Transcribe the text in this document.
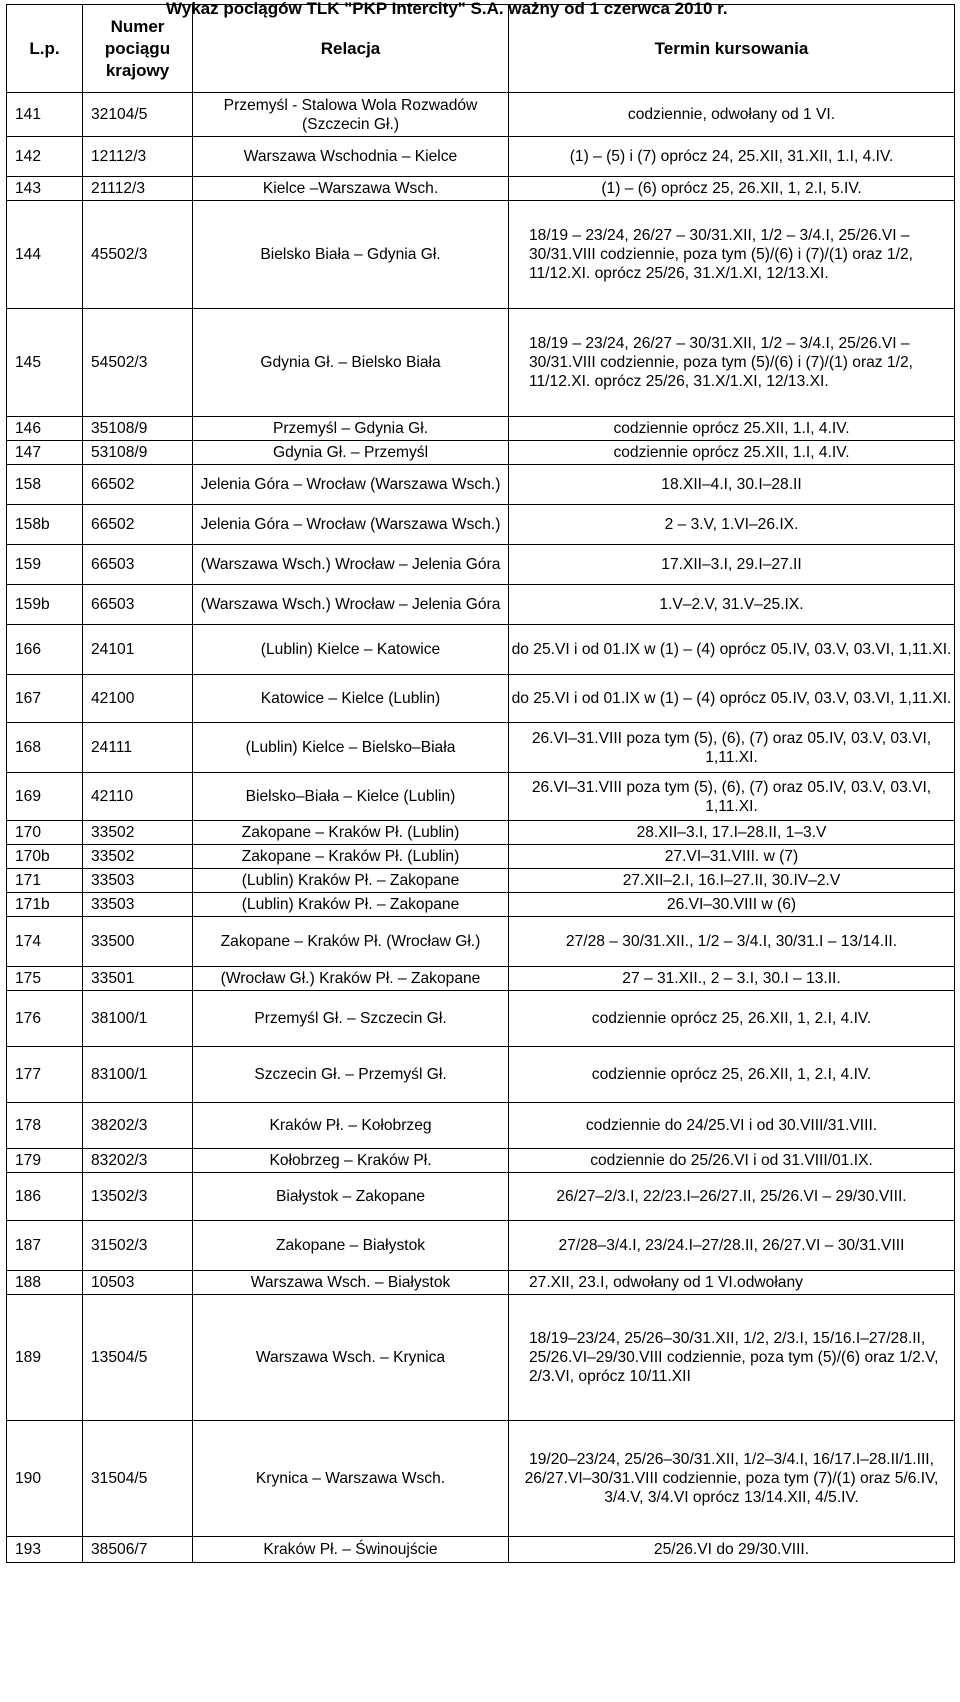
Wykaz pociągów TLK "PKP Intercity" S.A. ważny od 1 czerwca 2010 r.
L.p.	Numer pociągu krajowy	Relacja	Termin kursowania
141	32104/5	Przemyśl - Stalowa Wola Rozwadów (Szczecin Gł.)	codziennie, odwołany od 1 VI.
142	12112/3	Warszawa Wschodnia – Kielce	(1) – (5) i (7) oprócz 24, 25.XII, 31.XII, 1.I, 4.IV.
143	21112/3	Kielce –Warszawa Wsch.	(1) – (6) oprócz 25, 26.XII, 1, 2.I, 5.IV.
144	45502/3	Bielsko Biała – Gdynia Gł.	18/19 – 23/24, 26/27 – 30/31.XII, 1/2 – 3/4.I, 25/26.VI – 30/31.VIII codziennie, poza tym (5)/(6) i (7)/(1) oraz 1/2, 11/12.XI. oprócz 25/26, 31.X/1.XI, 12/13.XI.
145	54502/3	Gdynia Gł. – Bielsko Biała	18/19 – 23/24, 26/27 – 30/31.XII, 1/2 – 3/4.I, 25/26.VI – 30/31.VIII codziennie, poza tym (5)/(6) i (7)/(1) oraz 1/2, 11/12.XI. oprócz 25/26, 31.X/1.XI, 12/13.XI.
146	35108/9	Przemyśl – Gdynia Gł.	codziennie oprócz 25.XII, 1.I, 4.IV.
147	53108/9	Gdynia Gł. – Przemyśl	codziennie oprócz 25.XII, 1.I, 4.IV.
158	66502	Jelenia Góra – Wrocław (Warszawa Wsch.)	18.XII–4.I, 30.I–28.II
158b	66502	Jelenia Góra – Wrocław (Warszawa Wsch.)	2 – 3.V, 1.VI–26.IX.
159	66503	(Warszawa Wsch.) Wrocław – Jelenia Góra	17.XII–3.I, 29.I–27.II
159b	66503	(Warszawa Wsch.) Wrocław – Jelenia Góra	1.V–2.V, 31.V–25.IX.
166	24101	(Lublin) Kielce – Katowice	do 25.VI i od 01.IX w (1) – (4) oprócz 05.IV, 03.V, 03.VI, 1,11.XI.
167	42100	Katowice – Kielce (Lublin)	do 25.VI i od 01.IX w (1) – (4) oprócz 05.IV, 03.V, 03.VI, 1,11.XI.
168	24111	(Lublin) Kielce – Bielsko–Biała	26.VI–31.VIII poza tym (5), (6), (7) oraz 05.IV, 03.V, 03.VI, 1,11.XI.
169	42110	Bielsko–Biała – Kielce (Lublin)	26.VI–31.VIII poza tym (5), (6), (7) oraz 05.IV, 03.V, 03.VI, 1,11.XI.
170	33502	Zakopane – Kraków Pł. (Lublin)	28.XII–3.I, 17.I–28.II, 1–3.V
170b	33502	Zakopane – Kraków Pł. (Lublin)	27.VI–31.VIII. w (7)
171	33503	(Lublin) Kraków Pł. – Zakopane	27.XII–2.I, 16.I–27.II, 30.IV–2.V
171b	33503	(Lublin) Kraków Pł. – Zakopane	26.VI–30.VIII w (6)
174	33500	Zakopane – Kraków Pł. (Wrocław Gł.)	27/28 – 30/31.XII., 1/2 – 3/4.I, 30/31.I – 13/14.II.
175	33501	(Wrocław Gł.) Kraków Pł. – Zakopane	27 – 31.XII., 2 – 3.I, 30.I – 13.II.
176	38100/1	Przemyśl Gł. – Szczecin Gł.	codziennie oprócz 25, 26.XII, 1, 2.I, 4.IV.
177	83100/1	Szczecin Gł. – Przemyśl Gł.	codziennie oprócz 25, 26.XII, 1, 2.I, 4.IV.
178	38202/3	Kraków Pł. – Kołobrzeg	codziennie do 24/25.VI i od 30.VIII/31.VIII.
179	83202/3	Kołobrzeg – Kraków Pł.	codziennie do 25/26.VI i od 31.VIII/01.IX.
186	13502/3	Białystok – Zakopane	26/27–2/3.I, 22/23.I–26/27.II, 25/26.VI – 29/30.VIII.
187	31502/3	Zakopane – Białystok	27/28–3/4.I, 23/24.I–27/28.II, 26/27.VI – 30/31.VIII
188	10503	Warszawa Wsch. – Białystok	27.XII, 23.I, odwołany od 1 VI.odwołany
189	13504/5	Warszawa Wsch. – Krynica	18/19–23/24, 25/26–30/31.XII, 1/2, 2/3.I, 15/16.I–27/28.II, 25/26.VI–29/30.VIII codziennie, poza tym (5)/(6) oraz 1/2.V, 2/3.VI, oprócz 10/11.XII
190	31504/5	Krynica – Warszawa Wsch.	19/20–23/24, 25/26–30/31.XII, 1/2–3/4.I, 16/17.I–28.II/1.III, 26/27.VI–30/31.VIII codziennie, poza tym (7)/(1) oraz 5/6.IV, 3/4.V, 3/4.VI oprócz 13/14.XII, 4/5.IV.
193	38506/7	Kraków Pł. – Świnoujście	25/26.VI do 29/30.VIII.
